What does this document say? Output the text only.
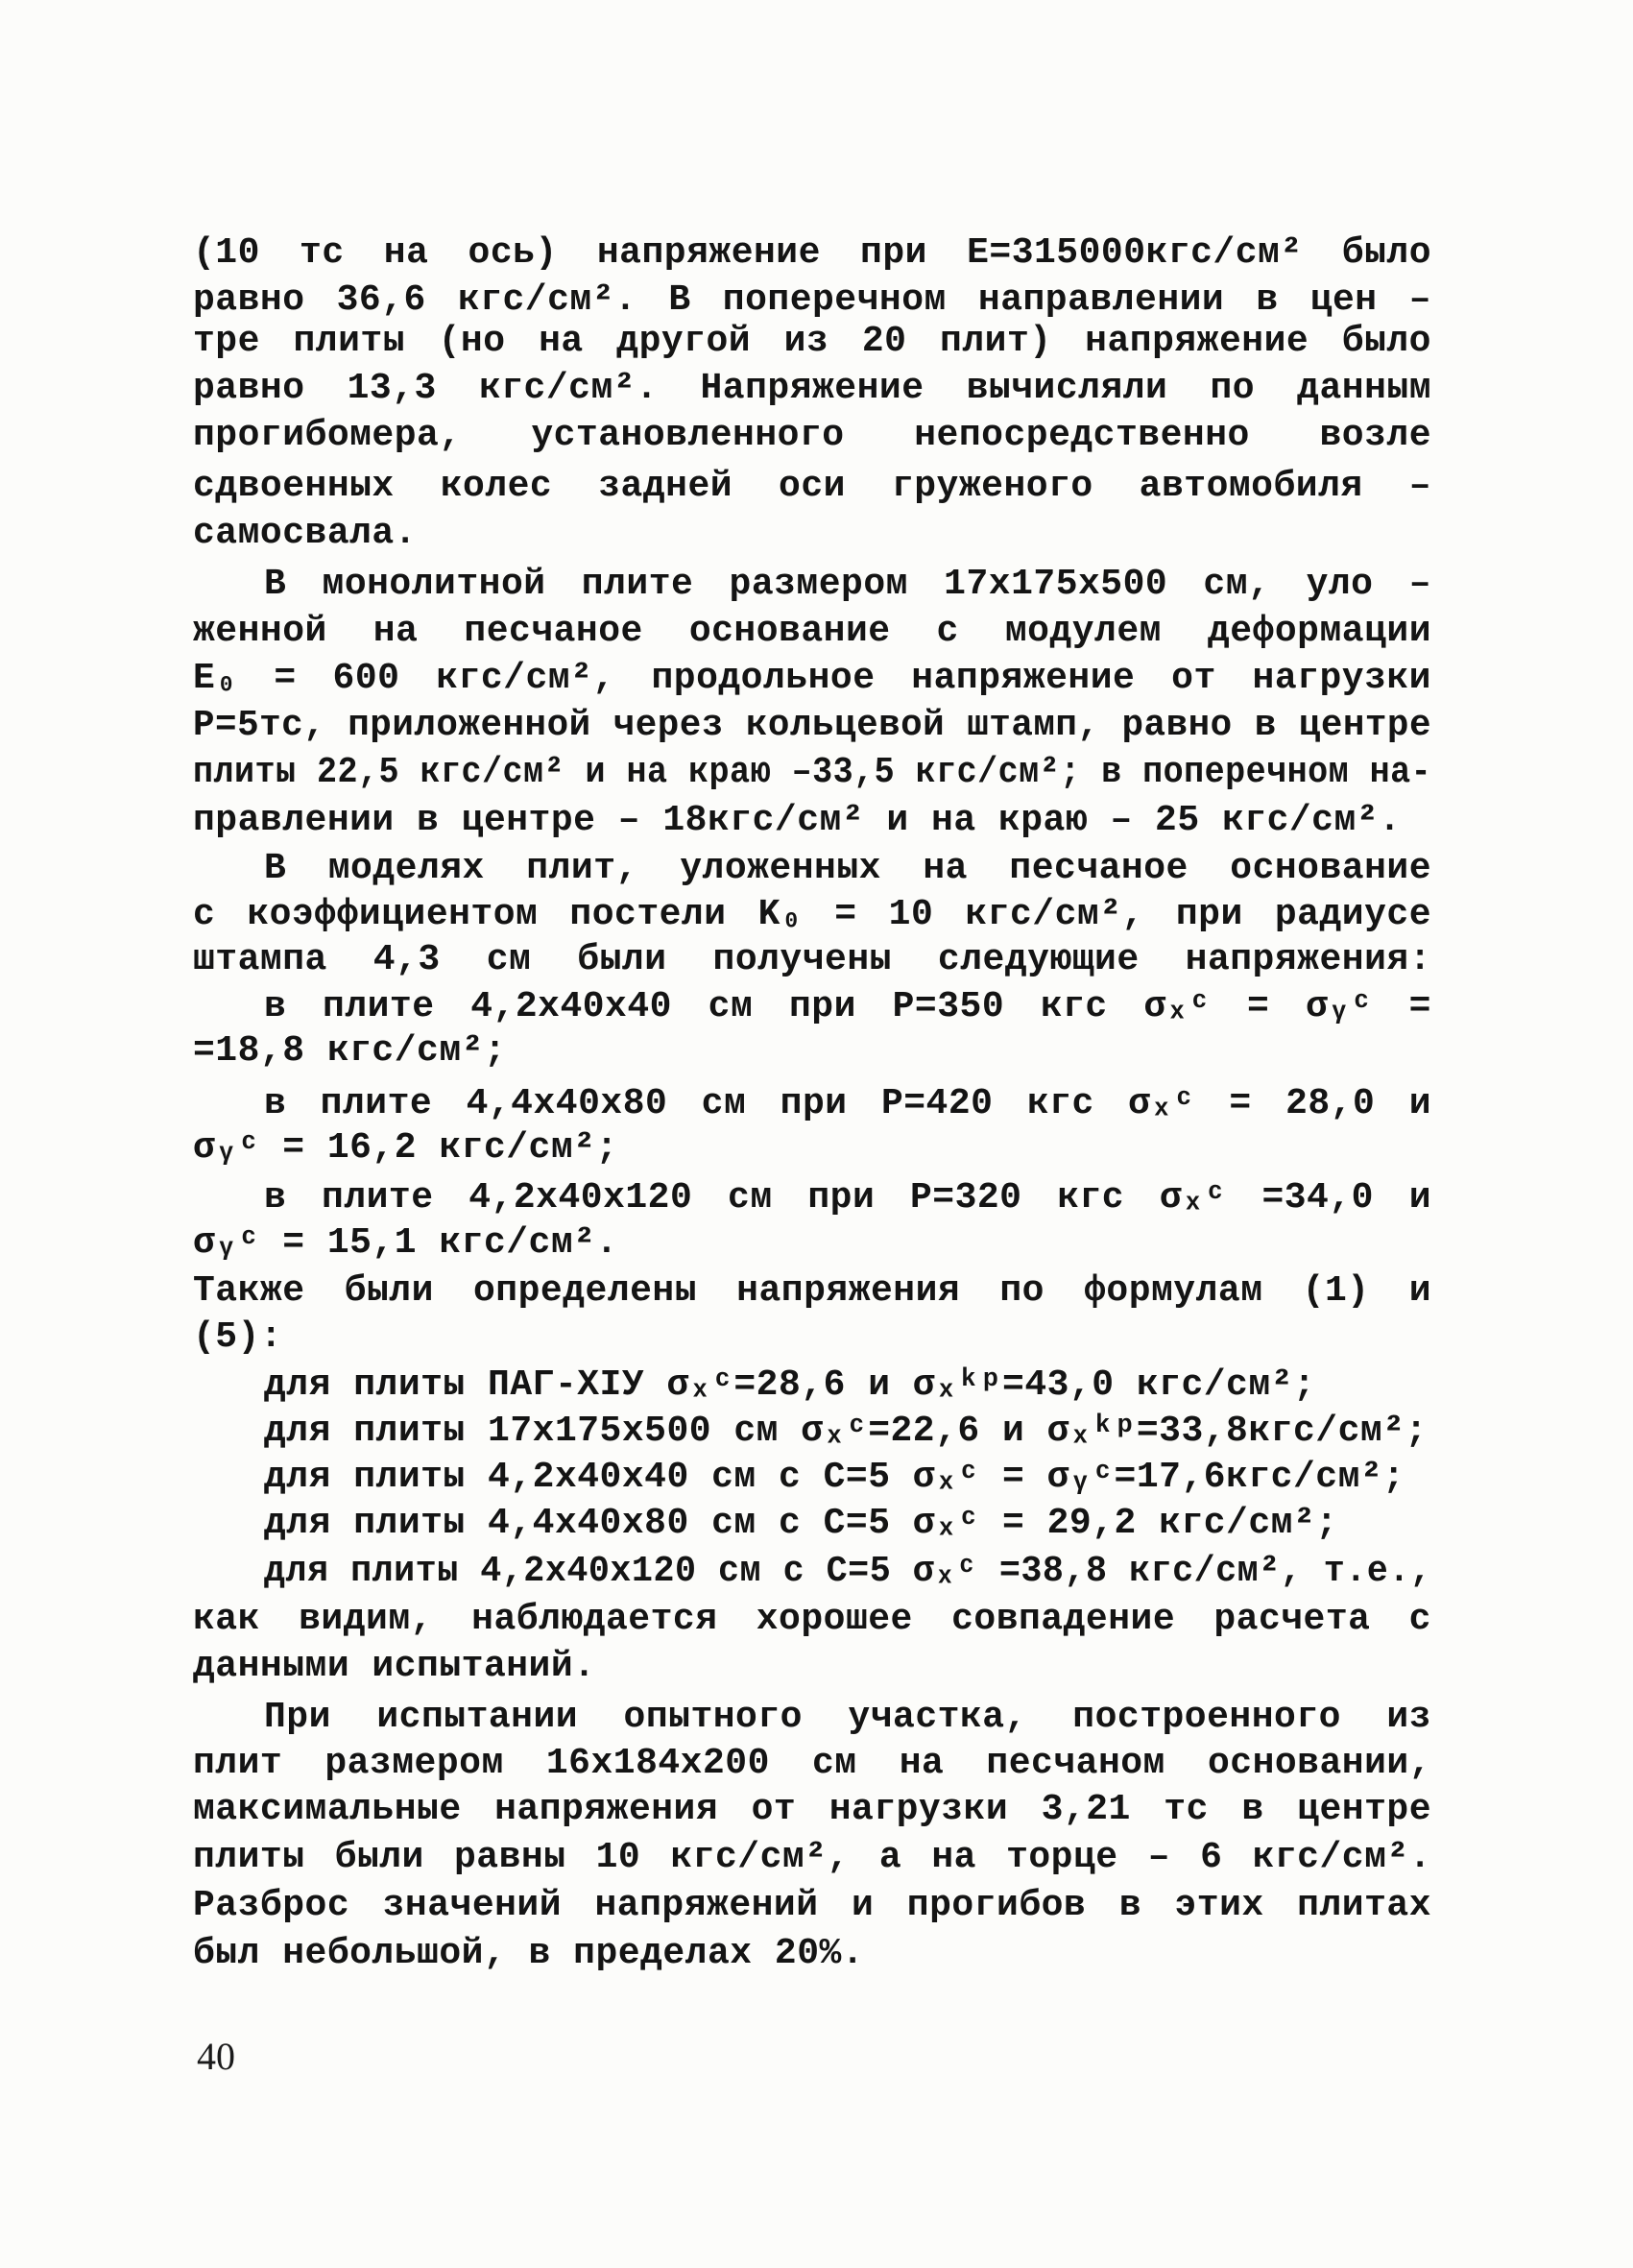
(10 тс на ось) напряжение при E=315000кгс/см² было
равно 36,6 кгс/см². В поперечном направлении в цен –
тре плиты (но на другой из 20 плит) напряжение было
равно 13,3 кгс/см². Напряжение вычисляли по данным
прогибомера, установленного непосредственно возле
сдвоенных колес задней оси груженого автомобиля –
самосвала.
В монолитной плите размером 17x175x500 см, уло –
женной на песчаное основание с модулем деформации
E₀ = 600 кгс/см², продольное напряжение от нагрузки
P=5тс, приложенной через кольцевой штамп, равно в центре
плиты 22,5 кгс/см² и на краю –33,5 кгс/см²; в поперечном на-
правлении в центре – 18кгс/см² и на краю – 25 кгс/см².
В моделях плит, уложенных на песчаное основание
с коэффициентом постели K₀ = 10 кгс/см², при радиусе
штампа 4,3 см были получены следующие напряжения:
в плите 4,2x40x40 см при P=350 кгс σₓᶜ = σᵧᶜ =
=18,8 кгс/см²;
в плите 4,4x40x80 см при P=420 кгс σₓᶜ = 28,0 и
σᵧᶜ = 16,2 кгс/см²;
в плите 4,2x40x120 см при P=320 кгс σₓᶜ =34,0 и
σᵧᶜ = 15,1 кгс/см².
Также были определены напряжения по формулам (1) и
(5):
для плиты ПАГ-XIУ σₓᶜ=28,6 и σₓᵏᵖ=43,0 кгс/см²;
для плиты 17x175x500 см σₓᶜ=22,6 и σₓᵏᵖ=33,8кгс/см²;
для плиты 4,2x40x40 см с C=5 σₓᶜ = σᵧᶜ=17,6кгс/см²;
для плиты 4,4x40x80 см с C=5 σₓᶜ = 29,2 кгс/см²;
для плиты 4,2x40x120 см с C=5 σₓᶜ =38,8 кгс/см², т.е.,
как видим, наблюдается хорошее совпадение расчета с
данными испытаний.
При испытании опытного участка, построенного из
плит размером 16x184x200 см на песчаном основании,
максимальные напряжения от нагрузки 3,21 тс в центре
плиты были равны 10 кгс/см², а на торце – 6 кгс/см².
Разброс значений напряжений и прогибов в этих плитах
был небольшой, в пределах 20%.
40
